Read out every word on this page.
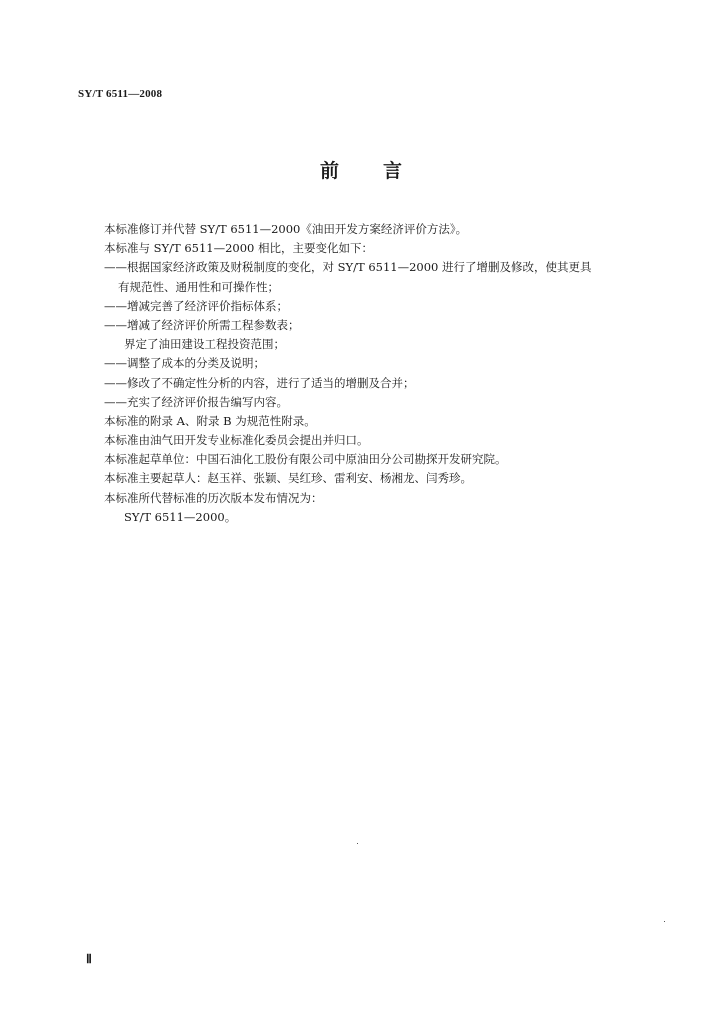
SY/T 6511—2008
前 言
本标准修订并代替 SY/T 6511—2000《油田开发方案经济评价方法》。
本标准与 SY/T 6511—2000 相比，主要变化如下：
——根据国家经济政策及财税制度的变化，对 SY/T 6511—2000 进行了增删及修改，使其更具
有规范性、通用性和可操作性；
——增减完善了经济评价指标体系；
——增减了经济评价所需工程参数表；
界定了油田建设工程投资范围；
——调整了成本的分类及说明；
——修改了不确定性分析的内容，进行了适当的增删及合并；
——充实了经济评价报告编写内容。
本标准的附录 A、附录 B 为规范性附录。
本标准由油气田开发专业标准化委员会提出并归口。
本标准起草单位：中国石油化工股份有限公司中原油田分公司勘探开发研究院。
本标准主要起草人：赵玉祥、张颖、吴红珍、雷利安、杨湘龙、闫秀珍。
本标准所代替标准的历次版本发布情况为：
SY/T 6511—2000。
Ⅱ
